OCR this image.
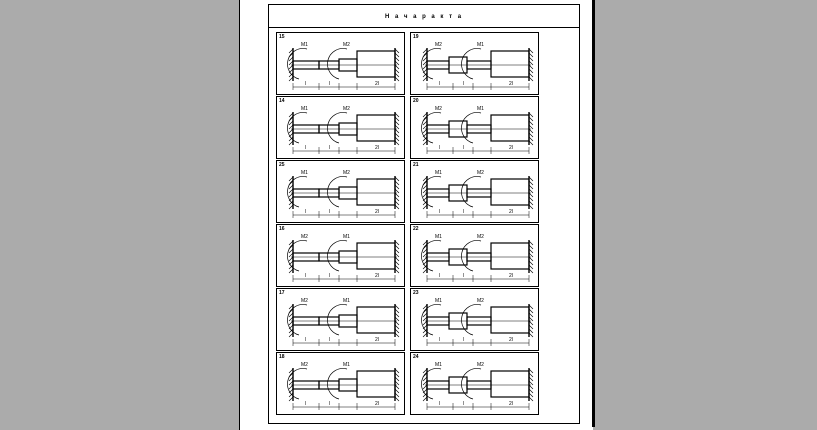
Н а ч а р а к т а
15
M1	M2
l	l	2l
19
M2	M1
l	l	2l
14
M1	M2
l	l	2l
20
M2	M1
l	l	2l
25
M1	M2
l	l	2l
21
M1	M2
l	l	2l
16
M2	M1
l	l	2l
22
M1	M2
l	l	2l
17
M2	M1
l	l	2l
23
M1	M2
l	l	2l
18
M2	M1
l	l	2l
24
M1	M2
l	l	2l
